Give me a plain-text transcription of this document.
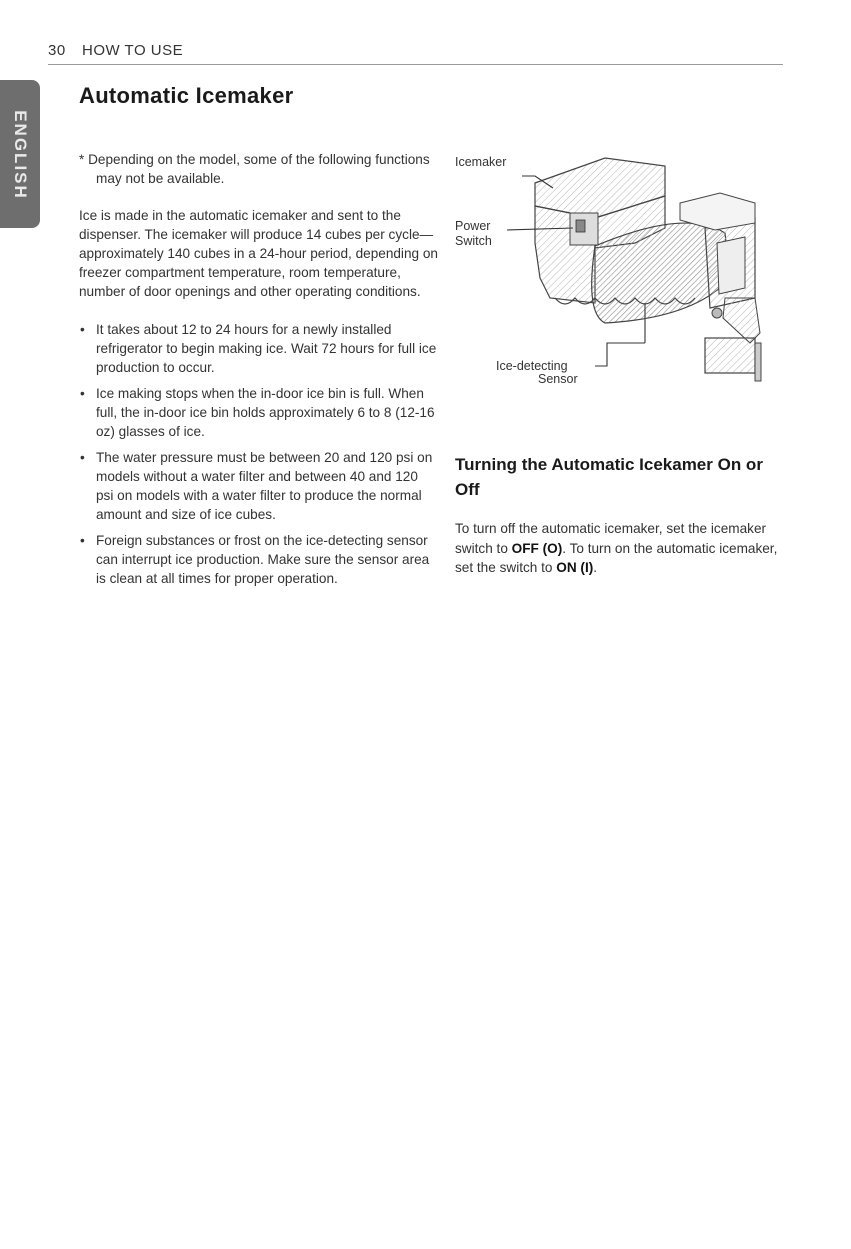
30 HOW TO USE
ENGLISH
Automatic Icemaker

* Depending on the model, some of the following functions may not be available.

Ice is made in the automatic icemaker and sent to the dispenser. The icemaker will produce 14 cubes per cycle—approximately 140 cubes in a 24-hour period, depending on freezer compartment temperature, room temperature, number of door openings and other operating conditions.

• It takes about 12 to 24 hours for a newly installed refrigerator to begin making ice. Wait 72 hours for full ice production to occur.
• Ice making stops when the in-door ice bin is full. When full, the in-door ice bin holds approximately 6 to 8 (12-16 oz) glasses of ice.
• The water pressure must be between 20 and 120 psi on models without a water filter and between 40 and 120 psi on models with a water filter to produce the normal amount and size of ice cubes.
• Foreign substances or frost on the ice-detecting sensor can interrupt ice production. Make sure the sensor area is clean at all times for proper operation.
Icemaker
Power
Switch
Ice-detecting
Sensor
Turning the Automatic Icekamer On or Off

To turn off the automatic icemaker, set the icemaker switch to OFF (O). To turn on the automatic icemaker, set the switch to ON (I).
